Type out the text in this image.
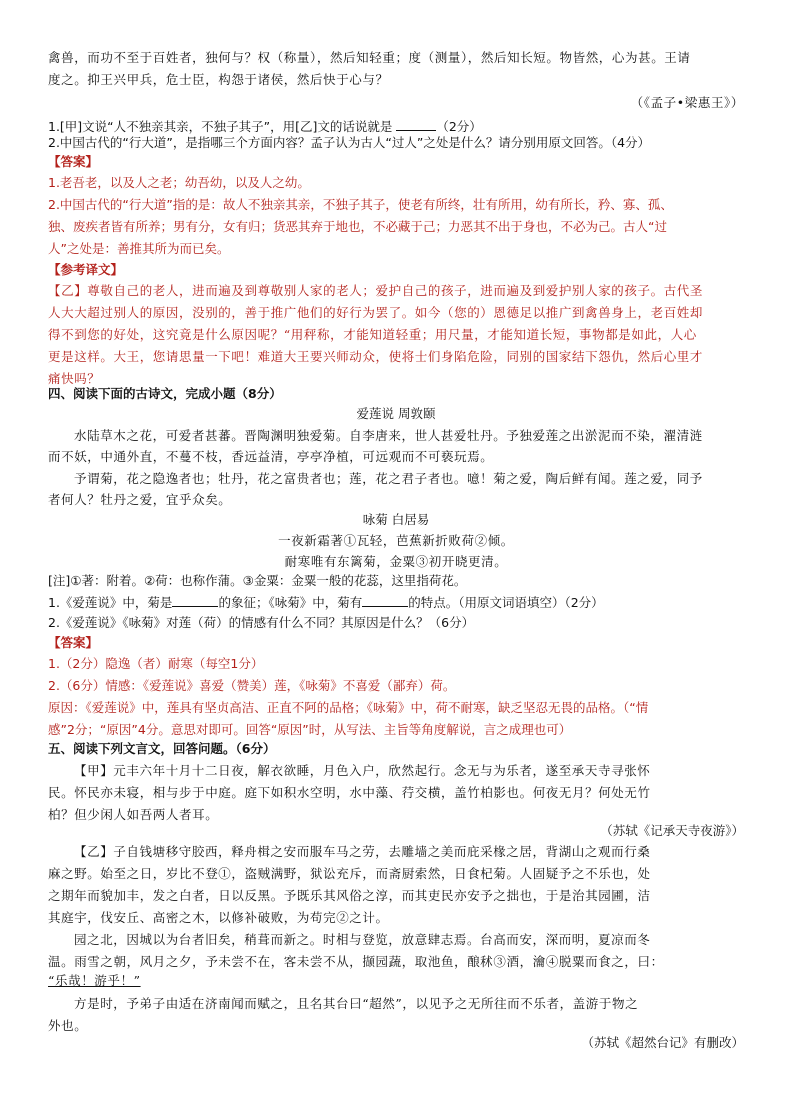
禽兽，而功不至于百姓者，独何与？权（称量），然后知轻重；度（测量），然后知长短。物皆然，心为甚。王请
度之。抑王兴甲兵，危士臣，构怨于诸侯，然后快于心与？
（《孟子•梁惠王》）
1.[甲]文说“人不独亲其亲，不独子其子”，用[乙]文的话说就是	（2分）
2.中国古代的“行大道”，是指哪三个方面内容？孟子认为古人“过人”之处是什么？请分别用原文回答。（4分）
【答案】
1.老吾老，以及人之老；幼吾幼，以及人之幼。
2.中国古代的“行大道”指的是：故人不独亲其亲，不独子其子，使老有所终，壮有所用，幼有所长，矜、寡、孤、
独、废疾者皆有所养；男有分，女有归；货恶其弃于地也，不必藏于己；力恶其不出于身也，不必为己。古人“过
人”之处是：善推其所为而已矣。
【参考译文】
【乙】尊敬自己的老人，进而遍及到尊敬别人家的老人；爱护自己的孩子，进而遍及到爱护别人家的孩子。古代圣
人大大超过别人的原因，没别的，善于推广他们的好行为罢了。如今（您的）恩德足以推广到禽兽身上，老百姓却
得不到您的好处，这究竟是什么原因呢？“用秤称，才能知道轻重；用尺量，才能知道长短，事物都是如此，人心
更是这样。大王，您请思量一下吧！难道大王要兴师动众，使将士们身陷危险，同别的国家结下怨仇，然后心里才
痛快吗？
四、阅读下面的古诗文，完成小题（8分）
爱莲说 周敦颐
水陆草木之花，可爱者甚蕃。晋陶渊明独爱菊。自李唐来，世人甚爱牡丹。予独爱莲之出淤泥而不染，濯清涟
而不妖，中通外直，不蔓不枝，香远益清，亭亭净植，可远观而不可亵玩焉。
予谓菊，花之隐逸者也；牡丹，花之富贵者也；莲，花之君子者也。噫！菊之爱，陶后鲜有闻。莲之爱，同予
者何人？牡丹之爱，宜乎众矣。
咏菊 白居易
一夜新霜著①瓦轻，芭蕉新折败荷②倾。
耐寒唯有东篱菊，金粟③初开晓更清。
[注]①著：附着。②荷：也称作蒲。③金粟：金粟一般的花蕊，这里指荷花。
1.《爱莲说》中，菊是	的象征；《咏菊》中，菊有	的特点。（用原文词语填空）（2分）
2.《爱莲说》《咏菊》对莲（荷）的情感有什么不同？其原因是什么？（6分）
【答案】
1.（2分）隐逸（者）耐寒（每空1分）
2.（6分）情感：《爱莲说》喜爱（赞美）莲，《咏菊》不喜爱（鄙弃）荷。
原因：《爱莲说》中，莲具有坚贞高洁、正直不阿的品格；《咏菊》中，荷不耐寒，缺乏坚忍无畏的品格。（“情
感”2分；“原因”4分。意思对即可。回答“原因”时，从写法、主旨等角度解说，言之成理也可）
五、阅读下列文言文，回答问题。（6分）
【甲】元丰六年十月十二日夜，解衣欲睡，月色入户，欣然起行。念无与为乐者，遂至承天寺寻张怀
民。怀民亦未寝，相与步于中庭。庭下如积水空明，水中藻、荇交横，盖竹柏影也。何夜无月？何处无竹
柏？但少闲人如吾两人者耳。
（苏轼《记承天寺夜游》）
【乙】子自钱塘移守胶西，释舟楫之安而服车马之劳，去雕墙之美而庇采椽之居，背湖山之观而行桑
麻之野。始至之日，岁比不登①，盗贼满野，狱讼充斥，而斋厨索然，日食杞菊。人固疑予之不乐也，处
之期年而貌加丰，发之白者，日以反黑。予既乐其风俗之淳，而其吏民亦安予之拙也，于是治其园圃，洁
其庭宇，伐安丘、高密之木，以修补破败，为苟完②之计。
园之北，因城以为台者旧矣，稍葺而新之。时相与登览，放意肆志焉。台高而安，深而明，夏凉而冬
温。雨雪之朝，风月之夕，予未尝不在，客未尝不从，撷园蔬，取池鱼，酿秫③酒，瀹④脱粟而食之，曰：
“乐哉！游乎！”
方是时，予弟子由适在济南闻而赋之，且名其台曰“超然”，以见予之无所往而不乐者，盖游于物之
外也。
（苏轼《超然台记》有删改）
